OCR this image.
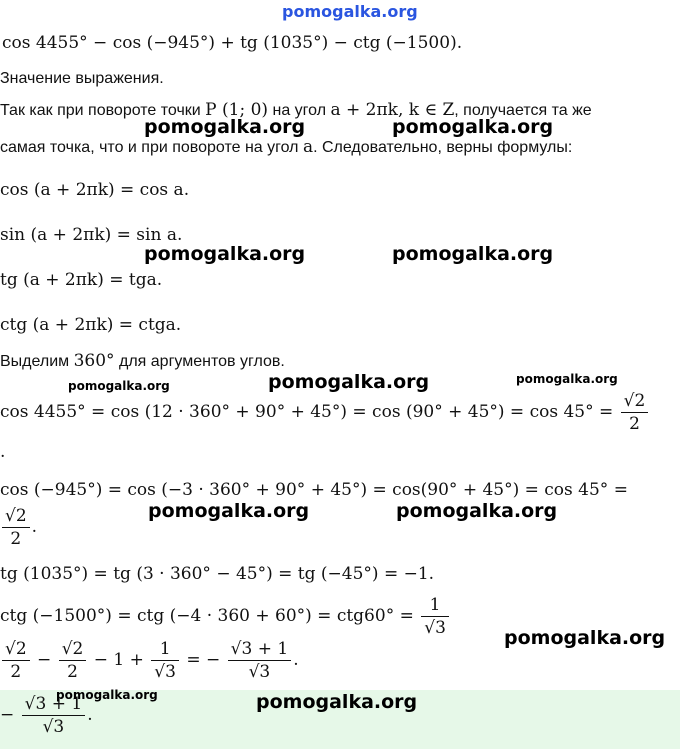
pomogalka.org
cos 4455° − cos (−945°) + tg (1035°) − ctg (−1500).
Значение выражения.
Так как при повороте точки P (1; 0) на угол a + 2πk, k ∈ Z, получается та же
самая точка, что и при повороте на угол a. Следовательно, верны формулы:
cos (a + 2πk) = cos a.
sin (a + 2πk) = sin a.
tg (a + 2πk) = tga.
ctg (a + 2πk) = ctga.
Выделим 360° для аргументов углов.
$\cos 4455^\circ = \cos (12 \cdot 360^\circ + 90^\circ + 45^\circ) = \cos (90^\circ + 45^\circ) = \cos 45^\circ = \frac{√2}{2}$
.
cos (−945°) = cos (−3 · 360° + 90° + 45°) = cos(90° + 45°) = cos 45° =
$\frac{√2}{2}$ .
tg (1035°) = tg (3 · 360° − 45°) = tg (−45°) = −1.
ctg (−1500°) = ctg $(-4 \cdot 360 + 60^\circ) = ctg60^\circ = \frac{1}{√3}$
$\frac{√2}{2} - \frac{√2}{2} - 1 + \frac{1}{√3}$ = − $\frac{√3 + 1}{√3}$ .
− $\frac{√3 + 1}{√3}$ .
pomogalka.org	pomogalka.org
pomogalka.org	pomogalka.org
pomogalka.org	pomogalka.org	pomogalka.org
pomogalka.org	pomogalka.org
pomogalka.org
pomogalka.org	pomogalka.org
